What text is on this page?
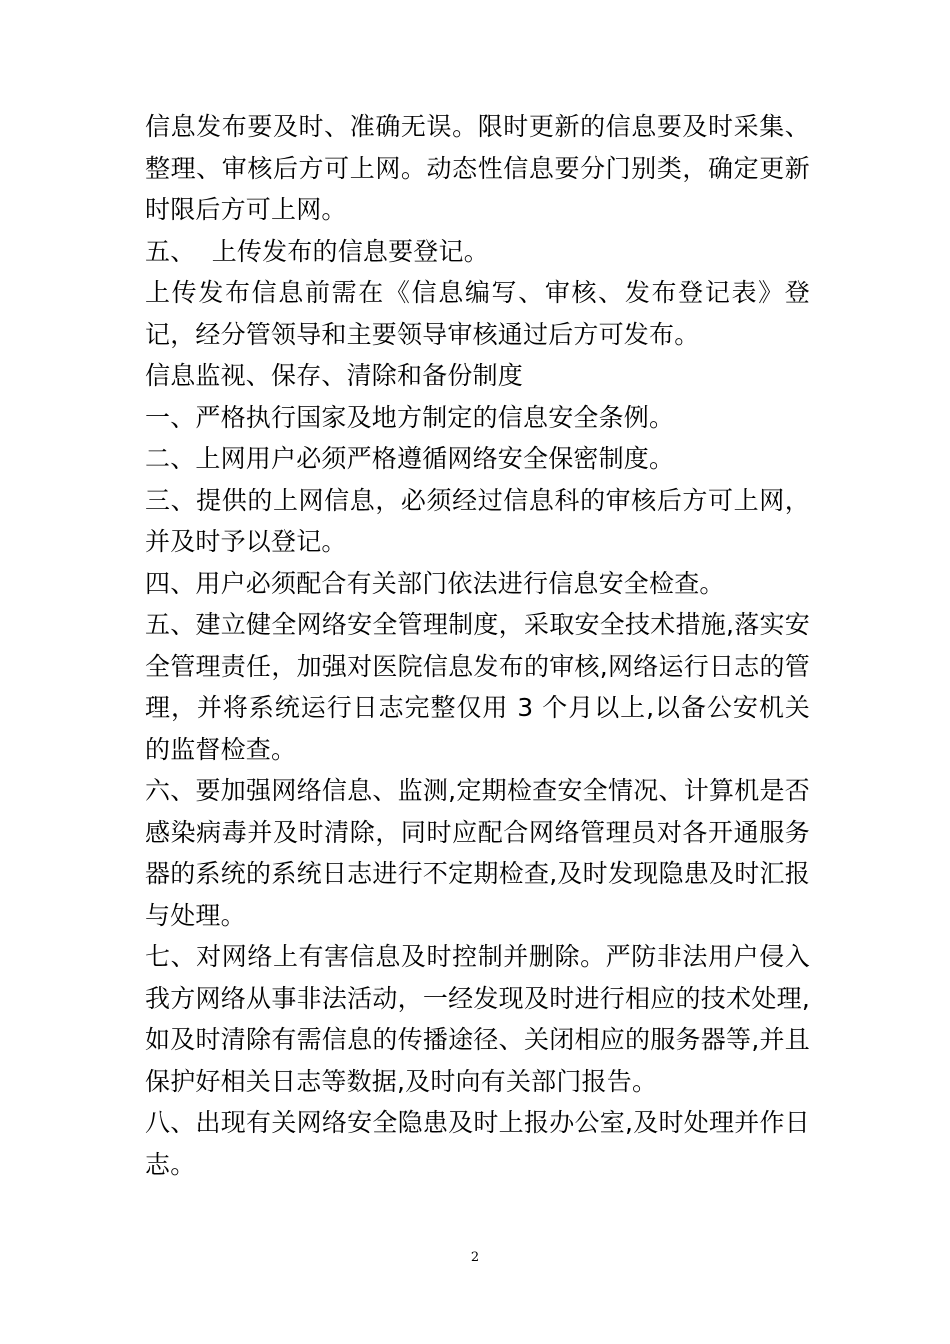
信息发布要及时、准确无误。限时更新的信息要及时采集、整理、审核后方可上网。动态性信息要分门别类，确定更新时限后方可上网。

五、  上传发布的信息要登记。

上传发布信息前需在《信息编写、审核、发布登记表》登记，经分管领导和主要领导审核通过后方可发布。

信息监视、保存、清除和备份制度

一、严格执行国家及地方制定的信息安全条例。

二、上网用户必须严格遵循网络安全保密制度。

三、提供的上网信息，必须经过信息科的审核后方可上网，并及时予以登记。

四、用户必须配合有关部门依法进行信息安全检查。

五、建立健全网络安全管理制度，采取安全技术措施,落实安全管理责任，加强对医院信息发布的审核,网络运行日志的管理，并将系统运行日志完整仅用 3 个月以上,以备公安机关的监督检查。

六、要加强网络信息、监测,定期检查安全情况、计算机是否感染病毒并及时清除，同时应配合网络管理员对各开通服务器的系统的系统日志进行不定期检查,及时发现隐患及时汇报与处理。

七、对网络上有害信息及时控制并删除。严防非法用户侵入我方网络从事非法活动，一经发现及时进行相应的技术处理,如及时清除有需信息的传播途径、关闭相应的服务器等,并且保护好相关日志等数据,及时向有关部门报告。

八、出现有关网络安全隐患及时上报办公室,及时处理并作日志。

2
